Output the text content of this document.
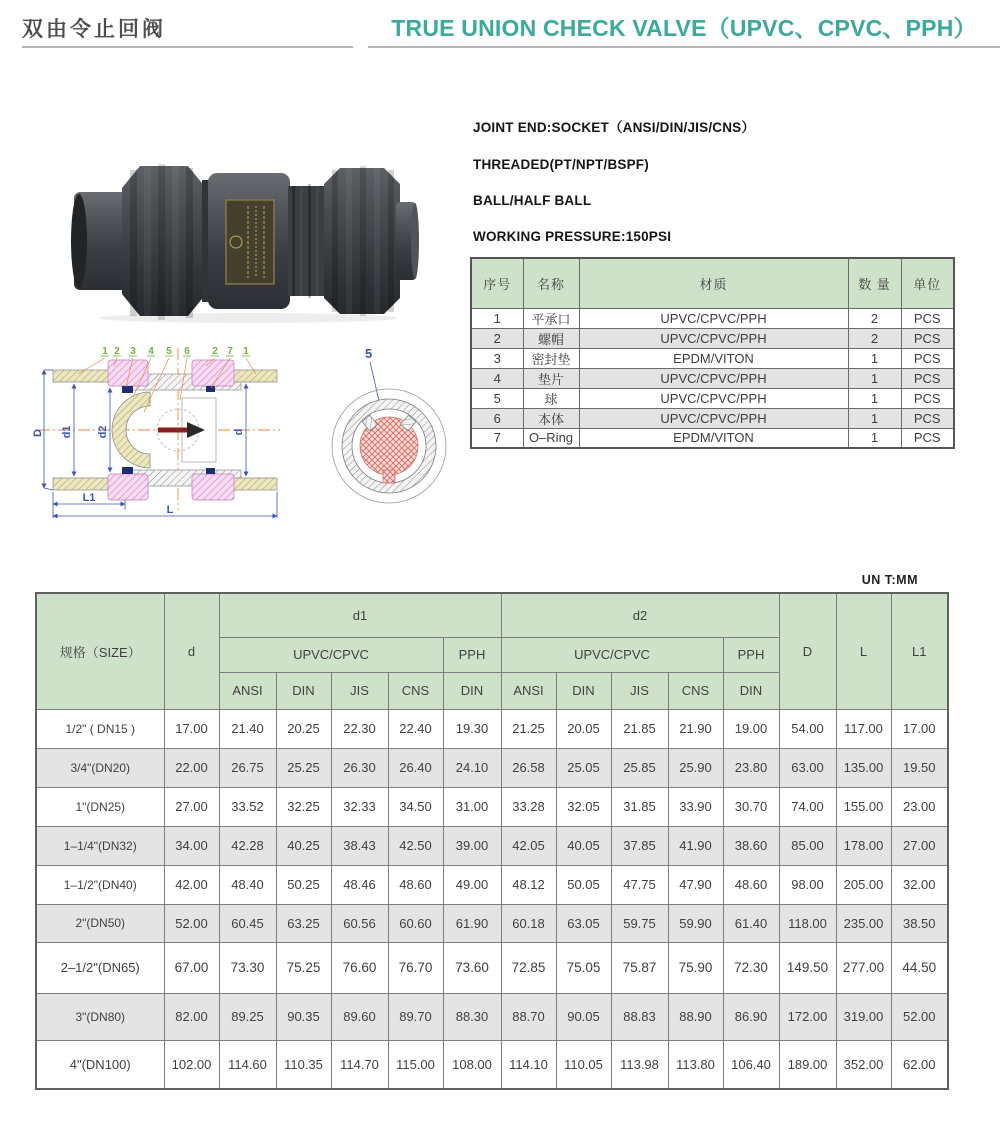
双由令止回阀	TRUE UNION CHECK VALVE（UPVC、CPVC、PPH）
JOINT END:SOCKET（ANSI/DIN/JIS/CNS）
THREADED(PT/NPT/BSPF)
BALL/HALF BALL
WORKING PRESSURE:150PSI
序号	名称	材质	数 量	单位
1	平承口	UPVC/CPVC/PPH	2	PCS
2	螺帽	UPVC/CPVC/PPH	2	PCS
3	密封垫	EPDM/VITON	1	PCS
4	垫片	UPVC/CPVC/PPH	1	PCS
5	球	UPVC/CPVC/PPH	1	PCS
6	本体	UPVC/CPVC/PPH	1	PCS
7	O–Ring	EPDM/VITON	1	PCS
D d1 d2	d
L1
L
1 2 3 4 5 6 2 7 1	5
UN T:MM
规格（SIZE）	d	d1					d2					D	L	L1
		UPVC/CPVC				PPH	UPVC/CPVC				PPH			
		ANSI	DIN	JIS	CNS	DIN	ANSI	DIN	JIS	CNS	DIN			
1/2" ( DN15 )	17.00	21.40	20.25	22.30	22.40	19.30	21.25	20.05	21.85	21.90	19.00	54.00	117.00	17.00
3/4"(DN20)	22.00	26.75	25.25	26.30	26.40	24.10	26.58	25.05	25.85	25.90	23.80	63.00	135.00	19.50
1"(DN25)	27.00	33.52	32.25	32.33	34.50	31.00	33.28	32.05	31.85	33.90	30.70	74.00	155.00	23.00
1–1/4"(DN32)	34.00	42.28	40.25	38.43	42.50	39.00	42.05	40.05	37.85	41.90	38.60	85.00	178.00	27.00
1–1/2"(DN40)	42.00	48.40	50.25	48.46	48.60	49.00	48.12	50.05	47.75	47.90	48.60	98.00	205.00	32.00
2"(DN50)	52.00	60.45	63.25	60.56	60.60	61.90	60.18	63.05	59.75	59.90	61.40	118.00	235.00	38.50
2–1/2"(DN65)	67.00	73.30	75.25	76.60	76.70	73.60	72.85	75.05	75.87	75.90	72.30	149.50	277.00	44.50
3"(DN80)	82.00	89.25	90.35	89.60	89.70	88.30	88.70	90.05	88.83	88.90	86.90	172.00	319.00	52.00
4"(DN100)	102.00	114.60	110.35	114.70	115.00	108.00	114.10	110.05	113.98	113.80	106.40	189.00	352.00	62.00
